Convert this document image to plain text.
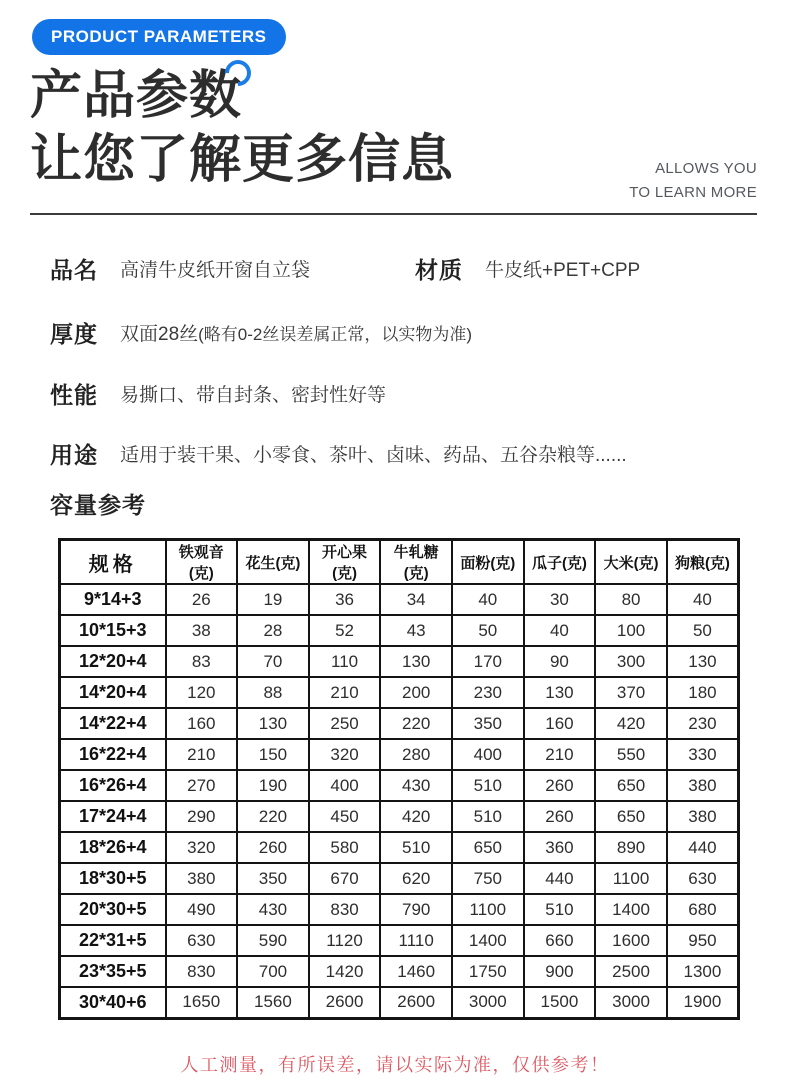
PRODUCT PARAMETERS
产品参数
让您了解更多信息	ALLOWS YOU
TO LEARN MORE
品名 高清牛皮纸开窗自立袋	材质 牛皮纸+PET+CPP
厚度 双面28丝(略有0-2丝误差属正常，以实物为准)
性能 易撕口、带自封条、密封性好等
用途 适用于装干果、小零食、茶叶、卤味、药品、五谷杂粮等......
容量参考
规格	铁观音(克)	花生(克)	开心果(克)	牛轧糖(克)	面粉(克)	瓜子(克)	大米(克)	狗粮(克)
9*14+3	26	19	36	34	40	30	80	40
10*15+3	38	28	52	43	50	40	100	50
12*20+4	83	70	110	130	170	90	300	130
14*20+4	120	88	210	200	230	130	370	180
14*22+4	160	130	250	220	350	160	420	230
16*22+4	210	150	320	280	400	210	550	330
16*26+4	270	190	400	430	510	260	650	380
17*24+4	290	220	450	420	510	260	650	380
18*26+4	320	260	580	510	650	360	890	440
18*30+5	380	350	670	620	750	440	1100	630
20*30+5	490	430	830	790	1100	510	1400	680
22*31+5	630	590	1120	1110	1400	660	1600	950
23*35+5	830	700	1420	1460	1750	900	2500	1300
30*40+6	1650	1560	2600	2600	3000	1500	3000	1900
人工测量，有所误差，请以实际为准，仅供参考！
